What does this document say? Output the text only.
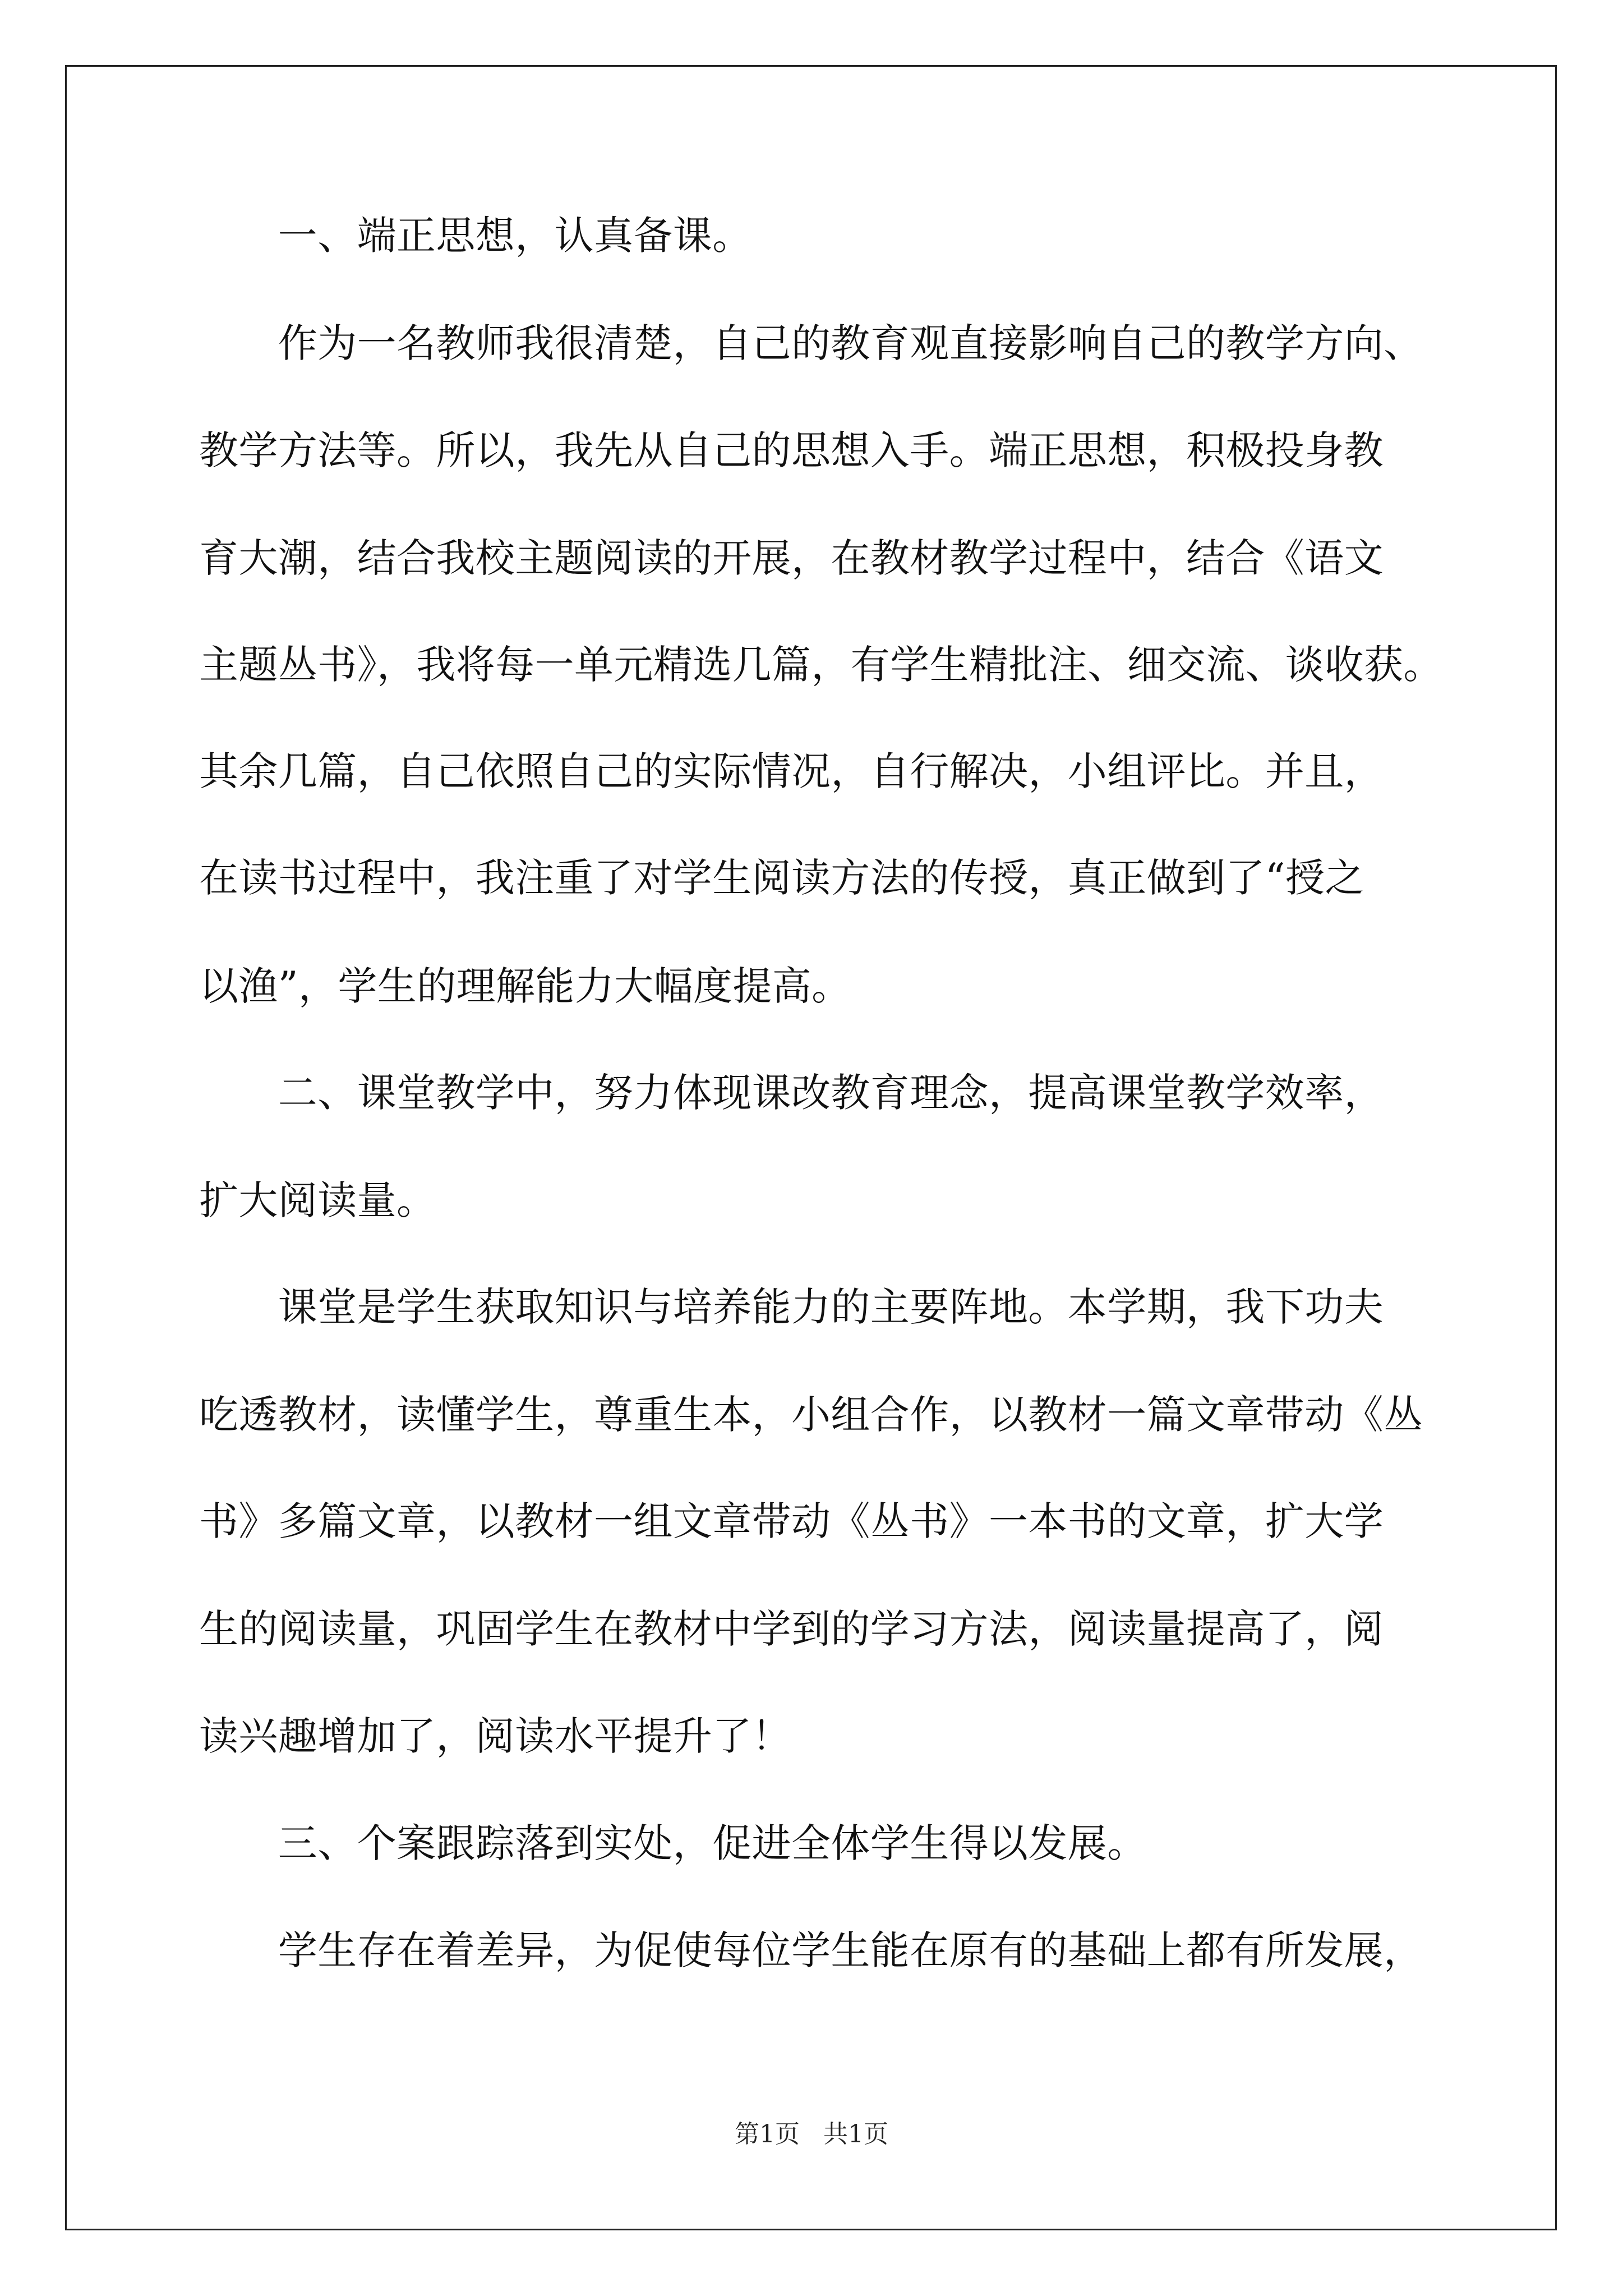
　　一、端正思想，认真备课。
　　作为一名教师我很清楚，自己的教育观直接影响自己的教学方向、
教学方法等。所以，我先从自己的思想入手。端正思想，积极投身教
育大潮，结合我校主题阅读的开展，在教材教学过程中，结合《语文
主题丛书》，我将每一单元精选几篇，有学生精批注、细交流、谈收获。
其余几篇，自己依照自己的实际情况，自行解决，小组评比。并且，
在读书过程中，我注重了对学生阅读方法的传授，真正做到了“授之
以渔”，学生的理解能力大幅度提高。
　　二、课堂教学中，努力体现课改教育理念，提高课堂教学效率，
扩大阅读量。
　　课堂是学生获取知识与培养能力的主要阵地。本学期，我下功夫
吃透教材，读懂学生，尊重生本，小组合作，以教材一篇文章带动《丛
书》多篇文章，以教材一组文章带动《丛书》一本书的文章，扩大学
生的阅读量，巩固学生在教材中学到的学习方法，阅读量提高了，阅
读兴趣增加了，阅读水平提升了！
　　三、个案跟踪落到实处，促进全体学生得以发展。
　　学生存在着差异，为促使每位学生能在原有的基础上都有所发展，
第1页 共1页
